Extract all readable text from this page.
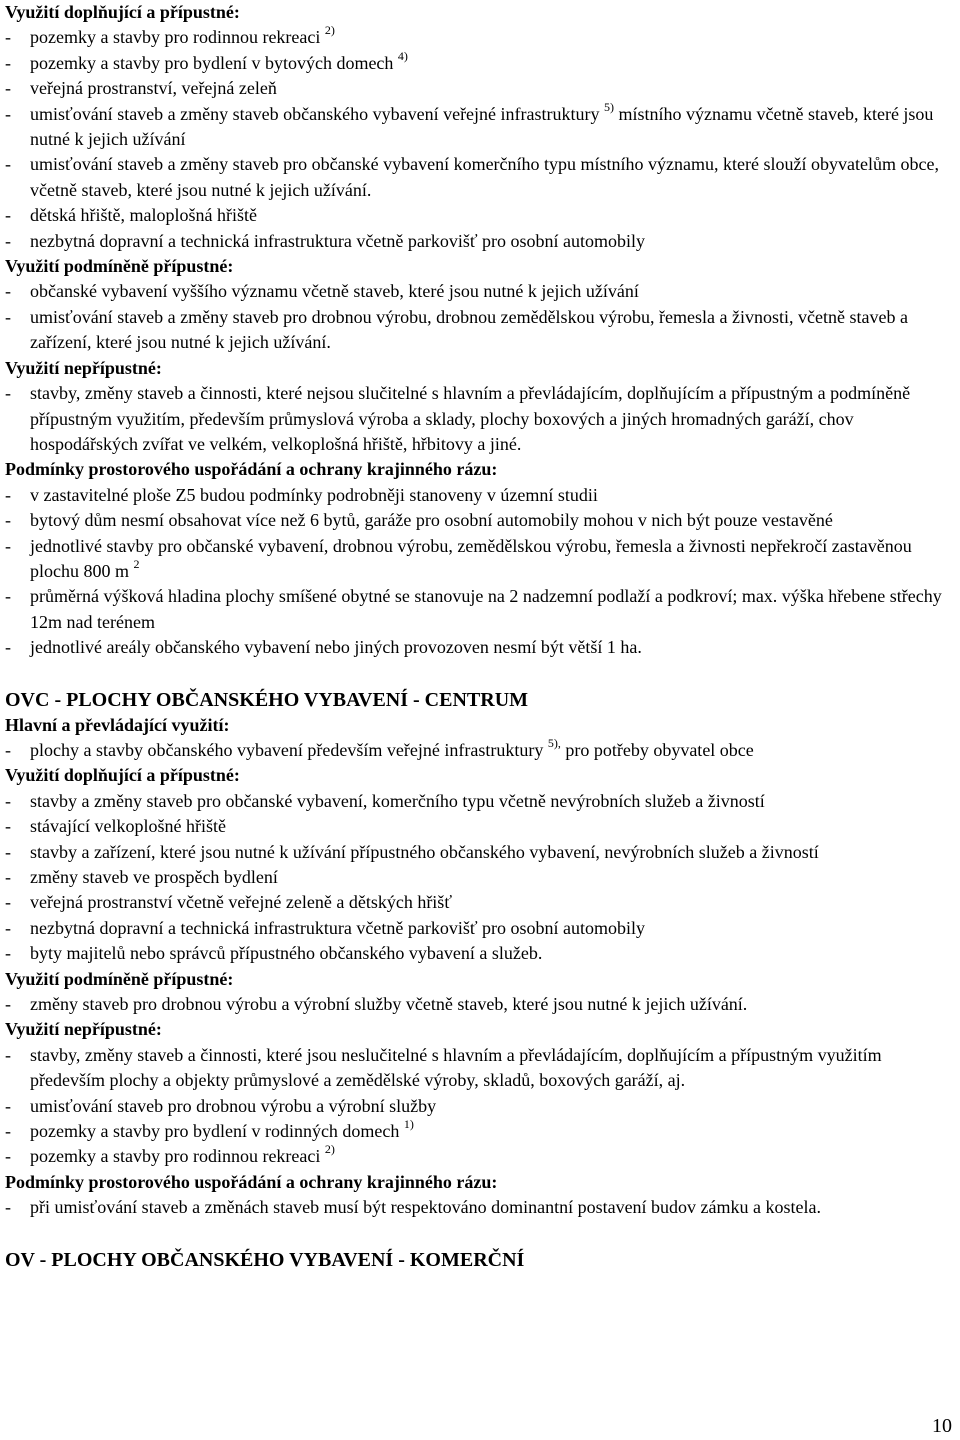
Využití doplňující a přípustné:
- pozemky a stavby pro rodinnou rekreaci $^{2)}$
- pozemky a stavby pro bydlení v bytových domech $^{4)}$
- veřejná prostranství, veřejná zeleň
- umisťování staveb a změny staveb občanského vybavení veřejné infrastruktury $^{5)}$ místního významu včetně staveb, které jsou nutné k jejich užívání
- umisťování staveb a změny staveb pro občanské vybavení komerčního typu místního významu, které slouží obyvatelům obce, včetně staveb, které jsou nutné k jejich užívání.
- dětská hřiště, maloplošná hřiště
- nezbytná dopravní a technická infrastruktura včetně parkovišť pro osobní automobily
Využití podmíněně přípustné:
- občanské vybavení vyššího významu včetně staveb, které jsou nutné k jejich užívání
- umisťování staveb a změny staveb pro drobnou výrobu, drobnou zemědělskou výrobu, řemesla a živnosti, včetně staveb a zařízení, které jsou nutné k jejich užívání.
Využití nepřípustné:
- stavby, změny staveb a činnosti, které nejsou slučitelné s hlavním a převládajícím, doplňujícím a přípustným a podmíněně přípustným využitím, především průmyslová výroba a sklady, plochy boxových a jiných hromadných garáží, chov hospodářských zvířat ve velkém, velkoplošná hřiště, hřbitovy a jiné.
Podmínky prostorového uspořádání a ochrany krajinného rázu:
- v zastavitelné ploše Z5 budou podmínky podrobněji stanoveny v územní studii
- bytový dům nesmí obsahovat více než 6 bytů, garáže pro osobní automobily mohou v nich být pouze vestavěné
- jednotlivé stavby pro občanské vybavení, drobnou výrobu, zemědělskou výrobu, řemesla a živnosti nepřekročí zastavěnou plochu 800 m $^2$
- průměrná výšková hladina plochy smíšené obytné se stanovuje na 2 nadzemní podlaží a podkroví; max. výška hřebene střechy 12m nad terénem
- jednotlivé areály občanského vybavení nebo jiných provozoven nesmí být větší 1 ha.
OVC - PLOCHY OBČANSKÉHO VYBAVENÍ - CENTRUM
Hlavní a převládající využití:
- plochy a stavby občanského vybavení především veřejné infrastruktury $^{5),}$ pro potřeby obyvatel obce
Využití doplňující a přípustné:
- stavby a změny staveb pro občanské vybavení, komerčního typu včetně nevýrobních služeb a živností
- stávající velkoplošné hřiště
- stavby a zařízení, které jsou nutné k užívání přípustného občanského vybavení, nevýrobních služeb a živností
- změny staveb ve prospěch bydlení
- veřejná prostranství včetně veřejné zeleně a dětských hřišť
- nezbytná dopravní a technická infrastruktura včetně parkovišť pro osobní automobily
- byty majitelů nebo správců přípustného občanského vybavení a služeb.
Využití podmíněně přípustné:
- změny staveb pro drobnou výrobu a výrobní služby včetně staveb, které jsou nutné k jejich užívání.
Využití nepřípustné:
- stavby, změny staveb a činnosti, které jsou neslučitelné s hlavním a převládajícím, doplňujícím a přípustným využitím především plochy a objekty průmyslové a zemědělské výroby, skladů, boxových garáží, aj.
- umisťování staveb pro drobnou výrobu a výrobní služby
- pozemky a stavby pro bydlení v rodinných domech $^{1)}$
- pozemky a stavby pro rodinnou rekreaci $^{2)}$
Podmínky prostorového uspořádání a ochrany krajinného rázu:
- při umisťování staveb a změnách staveb musí být respektováno dominantní postavení budov zámku a kostela.
OV - PLOCHY OBČANSKÉHO VYBAVENÍ - KOMERČNÍ
10
